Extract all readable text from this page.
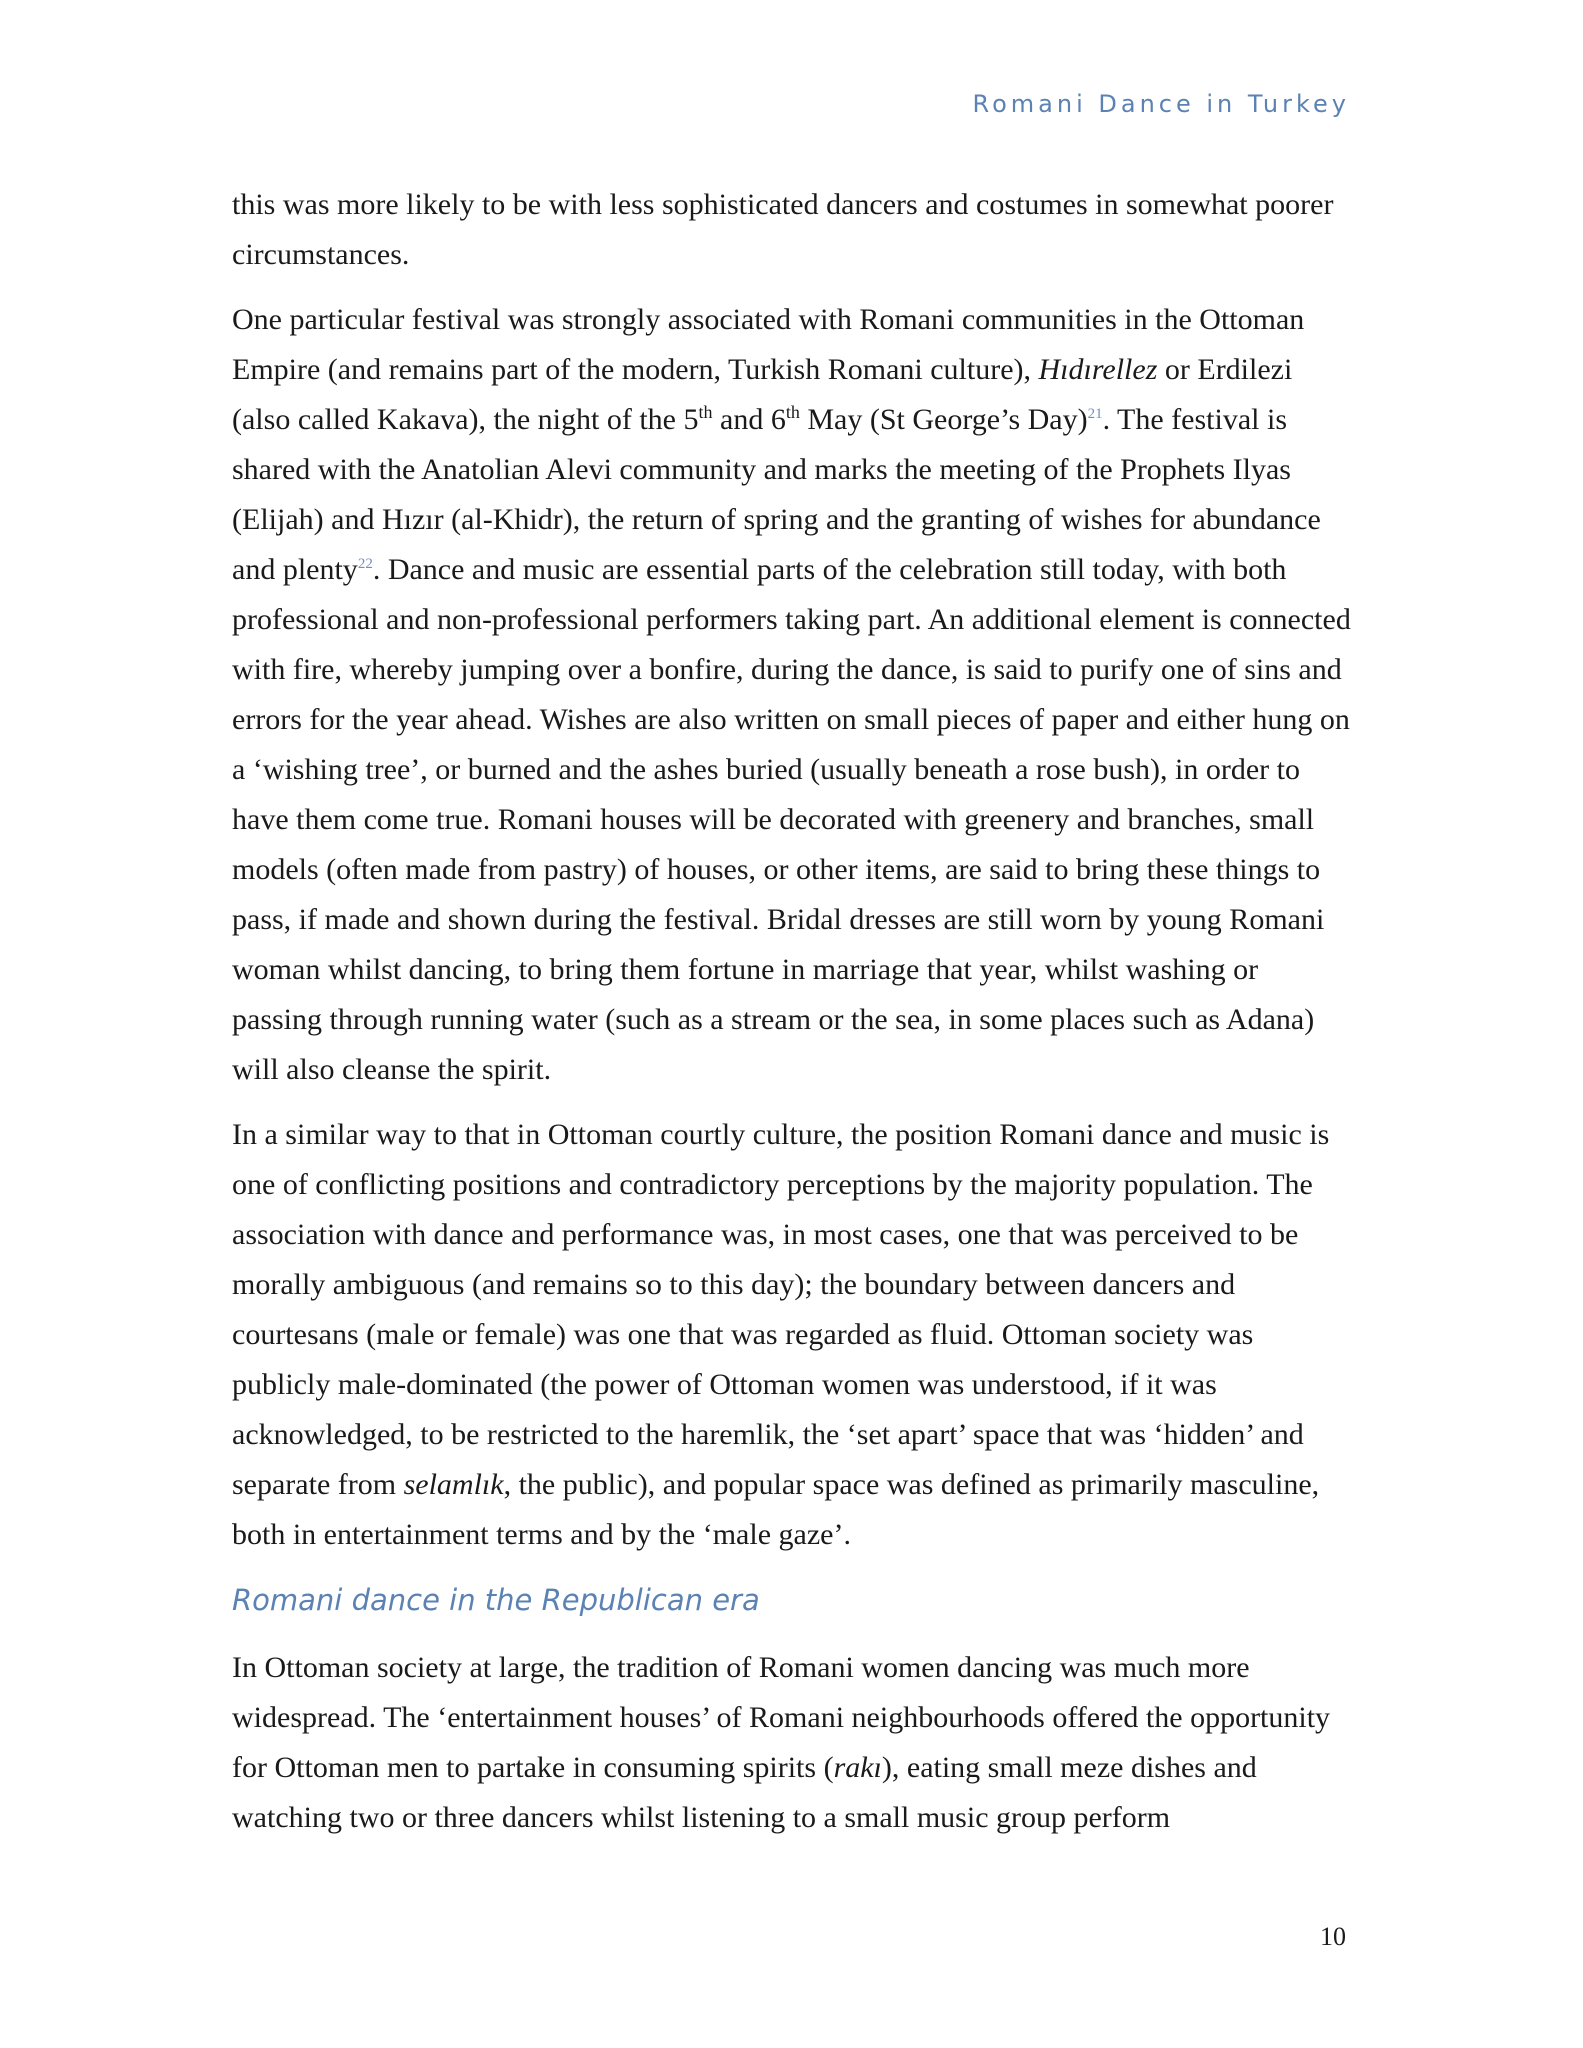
Romani Dance in Turkey

this was more likely to be with less sophisticated dancers and costumes in somewhat poorer circumstances.

One particular festival was strongly associated with Romani communities in the Ottoman Empire (and remains part of the modern, Turkish Romani culture), Hıdırellez or Erdilezi (also called Kakava), the night of the 5th and 6th May (St George’s Day)$^{21}$. The festival is shared with the Anatolian Alevi community and marks the meeting of the Prophets Ilyas (Elijah) and Hızır (al-Khidr), the return of spring and the granting of wishes for abundance and plenty$^{22}$. Dance and music are essential parts of the celebration still today, with both professional and non-professional performers taking part. An additional element is connected with fire, whereby jumping over a bonfire, during the dance, is said to purify one of sins and errors for the year ahead. Wishes are also written on small pieces of paper and either hung on a ‘wishing tree’, or burned and the ashes buried (usually beneath a rose bush), in order to have them come true. Romani houses will be decorated with greenery and branches, small models (often made from pastry) of houses, or other items, are said to bring these things to pass, if made and shown during the festival. Bridal dresses are still worn by young Romani woman whilst dancing, to bring them fortune in marriage that year, whilst washing or passing through running water (such as a stream or the sea, in some places such as Adana) will also cleanse the spirit.

In a similar way to that in Ottoman courtly culture, the position Romani dance and music is one of conflicting positions and contradictory perceptions by the majority population. The association with dance and performance was, in most cases, one that was perceived to be morally ambiguous (and remains so to this day); the boundary between dancers and courtesans (male or female) was one that was regarded as fluid. Ottoman society was publicly male-dominated (the power of Ottoman women was understood, if it was acknowledged, to be restricted to the haremlik, the ‘set apart’ space that was ‘hidden’ and separate from selamlık, the public), and popular space was defined as primarily masculine, both in entertainment terms and by the ‘male gaze’.

Romani dance in the Republican era

In Ottoman society at large, the tradition of Romani women dancing was much more widespread. The ‘entertainment houses’ of Romani neighbourhoods offered the opportunity for Ottoman men to partake in consuming spirits (rakı), eating small meze dishes and watching two or three dancers whilst listening to a small music group perform

10
